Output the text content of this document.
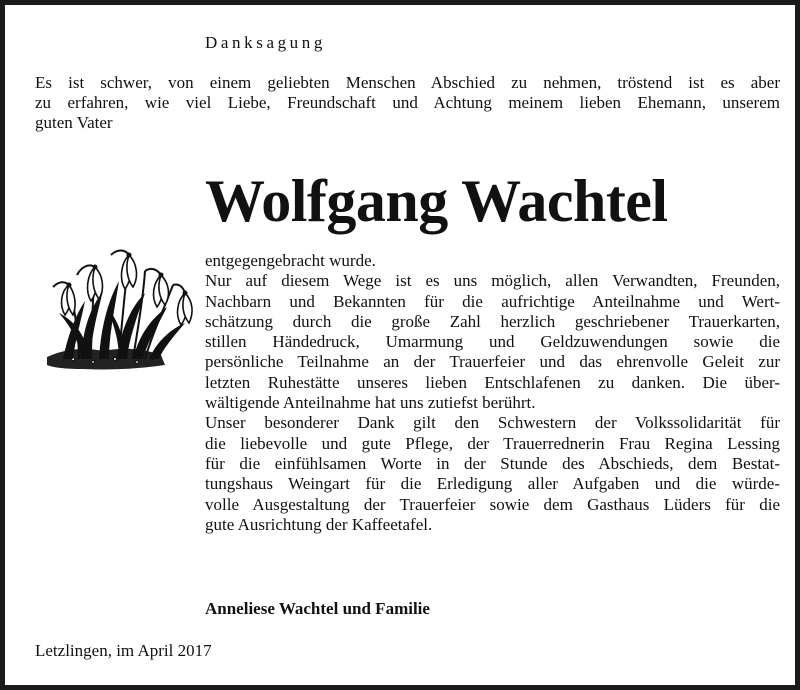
Danksagung
Es ist schwer, von einem geliebten Menschen Abschied zu nehmen, tröstend ist es aber
zu erfahren, wie viel Liebe, Freundschaft und Achtung meinem lieben Ehemann, unserem
guten Vater
Wolfgang Wachtel
entgegengebracht wurde.
Nur auf diesem Wege ist es uns möglich, allen Verwandten, Freunden,
Nachbarn und Bekannten für die aufrichtige Anteilnahme und Wert-
schätzung durch die große Zahl herzlich geschriebener Trauerkarten,
stillen Händedruck, Umarmung und Geldzuwendungen sowie die
persönliche Teilnahme an der Trauerfeier und das ehrenvolle Geleit zur
letzten Ruhestätte unseres lieben Entschlafenen zu danken. Die über-
wältigende Anteilnahme hat uns zutiefst berührt.
Unser besonderer Dank gilt den Schwestern der Volkssolidarität für
die liebevolle und gute Pflege, der Trauerrednerin Frau Regina Lessing
für die einfühlsamen Worte in der Stunde des Abschieds, dem Bestat-
tungshaus Weingart für die Erledigung aller Aufgaben und die würde-
volle Ausgestaltung der Trauerfeier sowie dem Gasthaus Lüders für die
gute Ausrichtung der Kaffeetafel.
Anneliese Wachtel und Familie
Letzlingen, im April 2017
